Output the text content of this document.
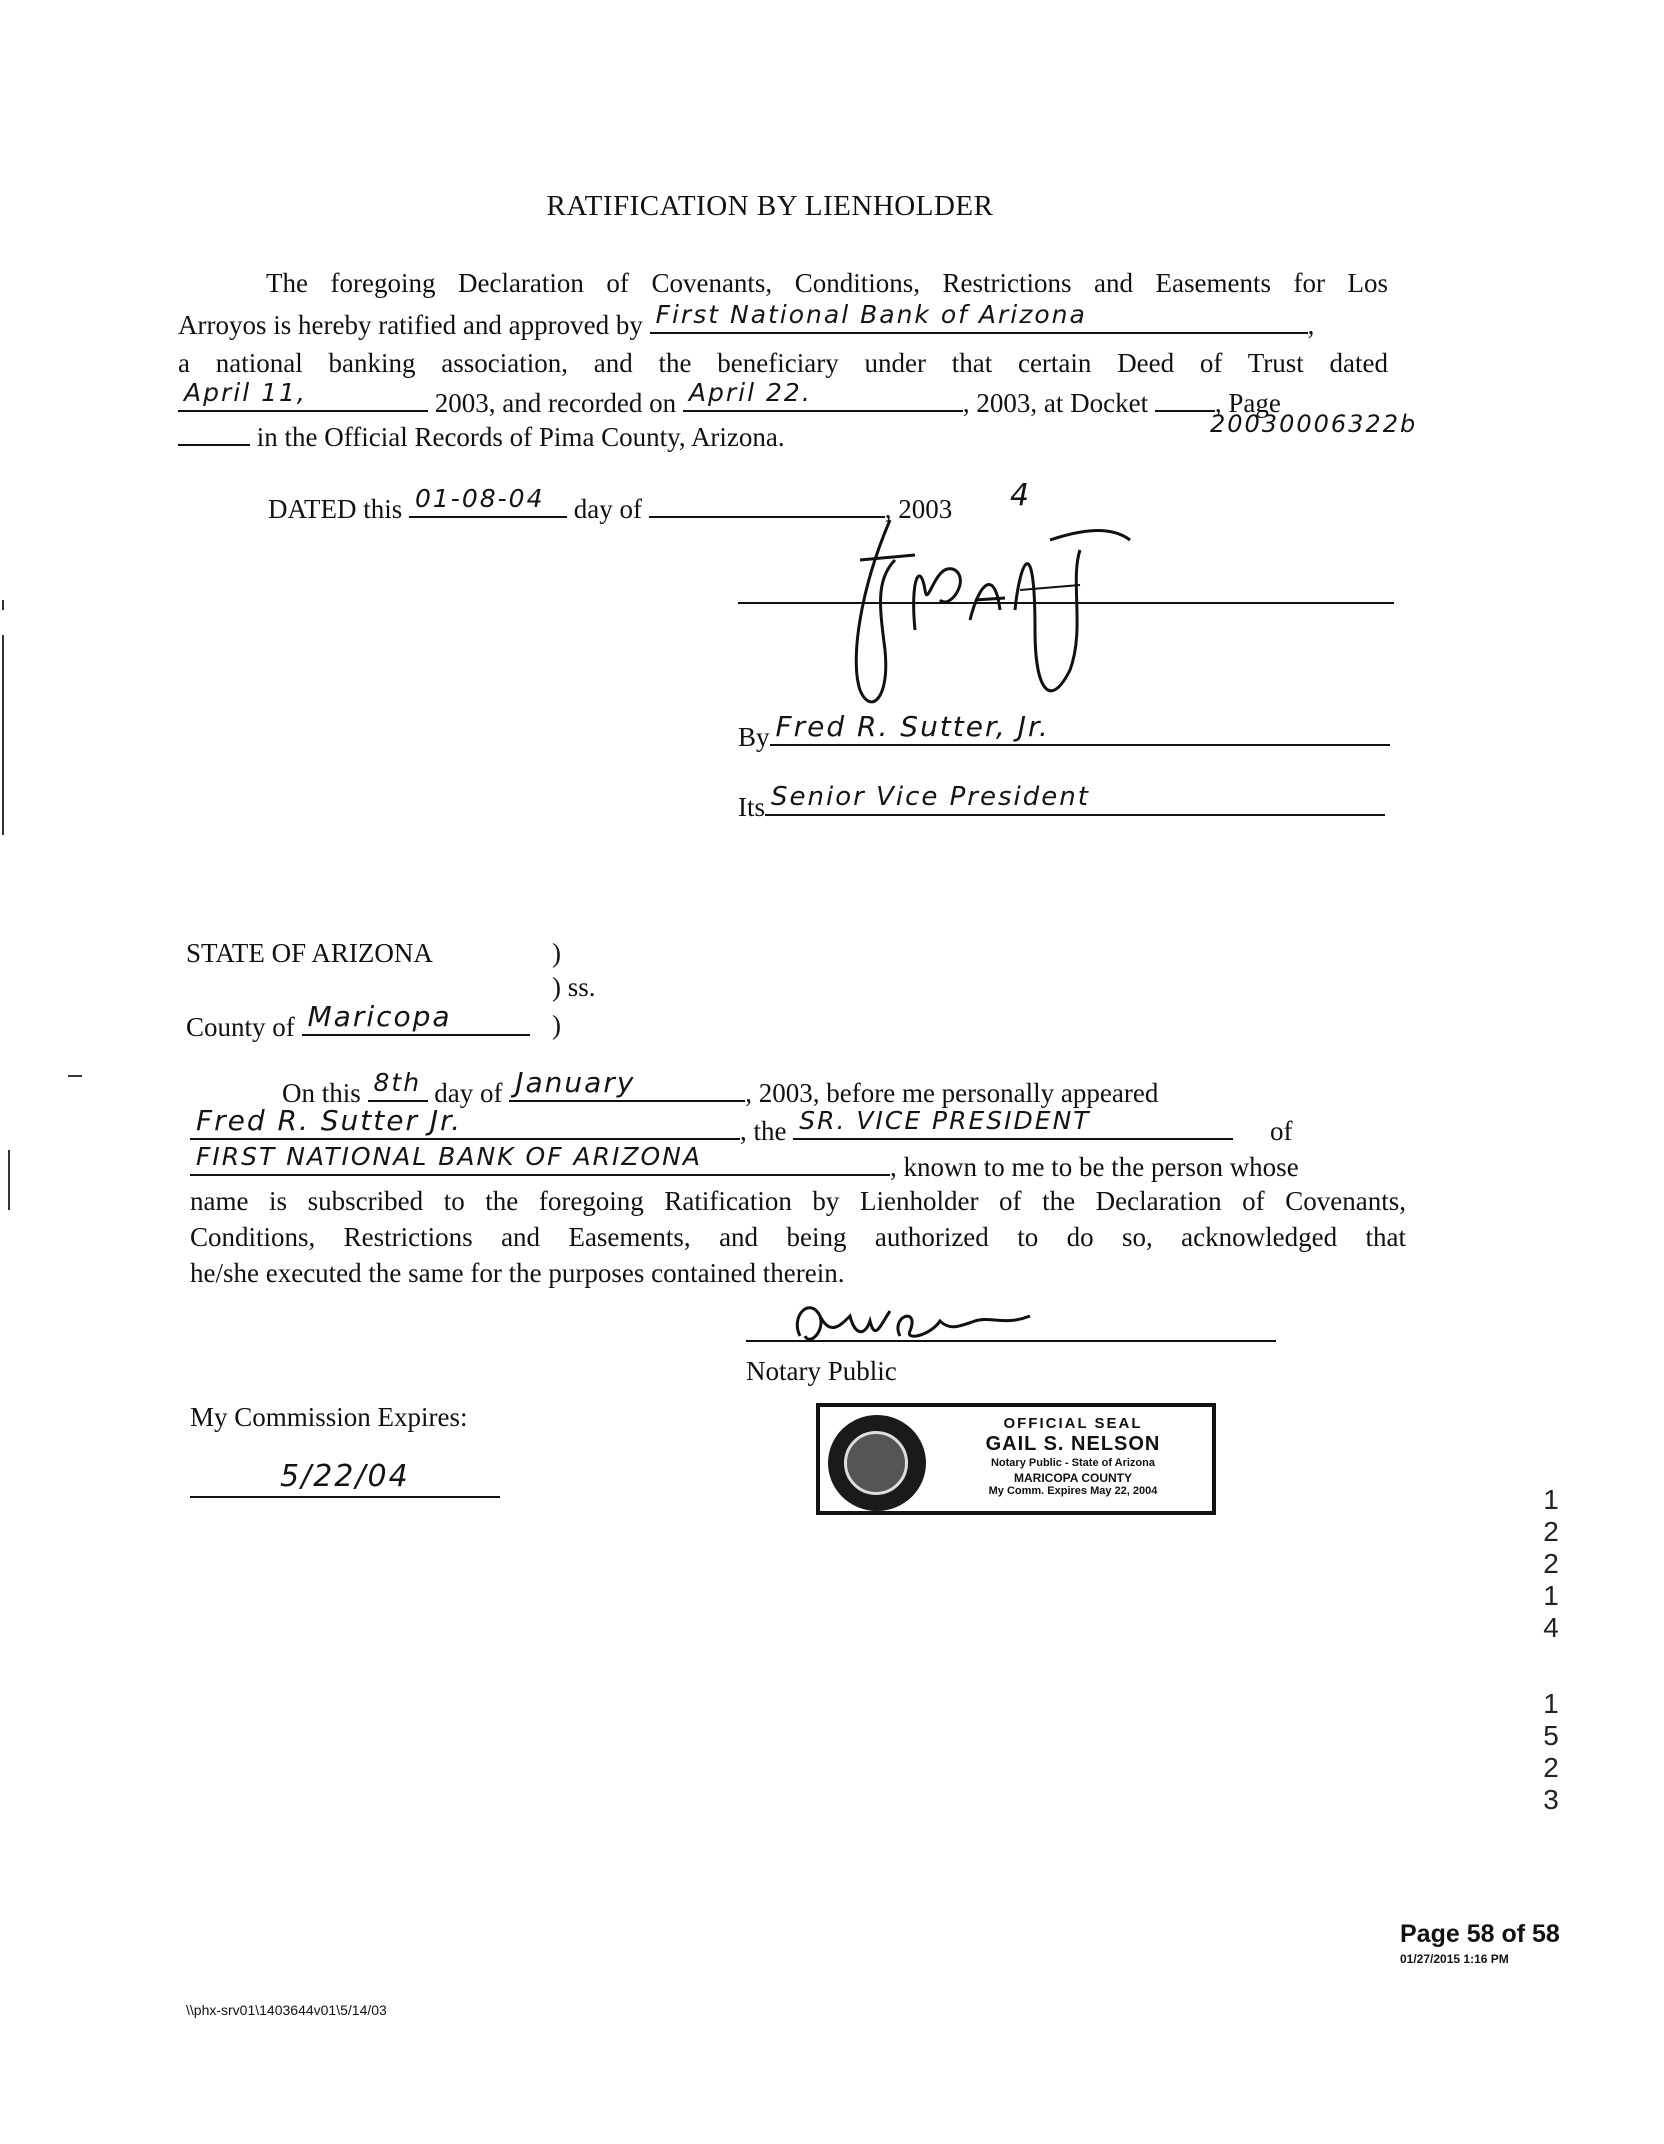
RATIFICATION BY LIENHOLDER
The foregoing Declaration of Covenants, Conditions, Restrictions and Easements for Los
Arroyos is hereby ratified and approved by First National Bank of Arizona	,
a national banking association, and the beneficiary under that certain Deed of Trust dated
April 11,	2003, and recorded on April 22.	, 2003, at Docket , Page
20030006322b
in the Official Records of Pima County, Arizona.
DATED this 01-08-04 day of	, 2003 4
By Fred R. Sutter, Jr.
Its Senior Vice President
STATE OF ARIZONA	)
) ss.
County of Maricopa	)
On this 8th day of January	, 2003, before me personally appeared
Fred R. Sutter Jr.	, the SR. VICE PRESIDENT	of
FIRST NATIONAL BANK OF ARIZONA	, known to me to be the person whose
name is subscribed to the foregoing Ratification by Lienholder of the Declaration of Covenants,
Conditions, Restrictions and Easements, and being authorized to do so, acknowledged that
he/she executed the same for the purposes contained therein.
Notary Public
My Commission Expires:
5/22/04
OFFICIAL SEAL
GAIL S. NELSON
Notary Public - State of Arizona
MARICOPA COUNTY
My Comm. Expires May 22, 2004	1
2
2
1
4
1
5
2
3
Page 58 of 58
01/27/2015 1:16 PM
\\phx-srv01\1403644v01\5/14/03
